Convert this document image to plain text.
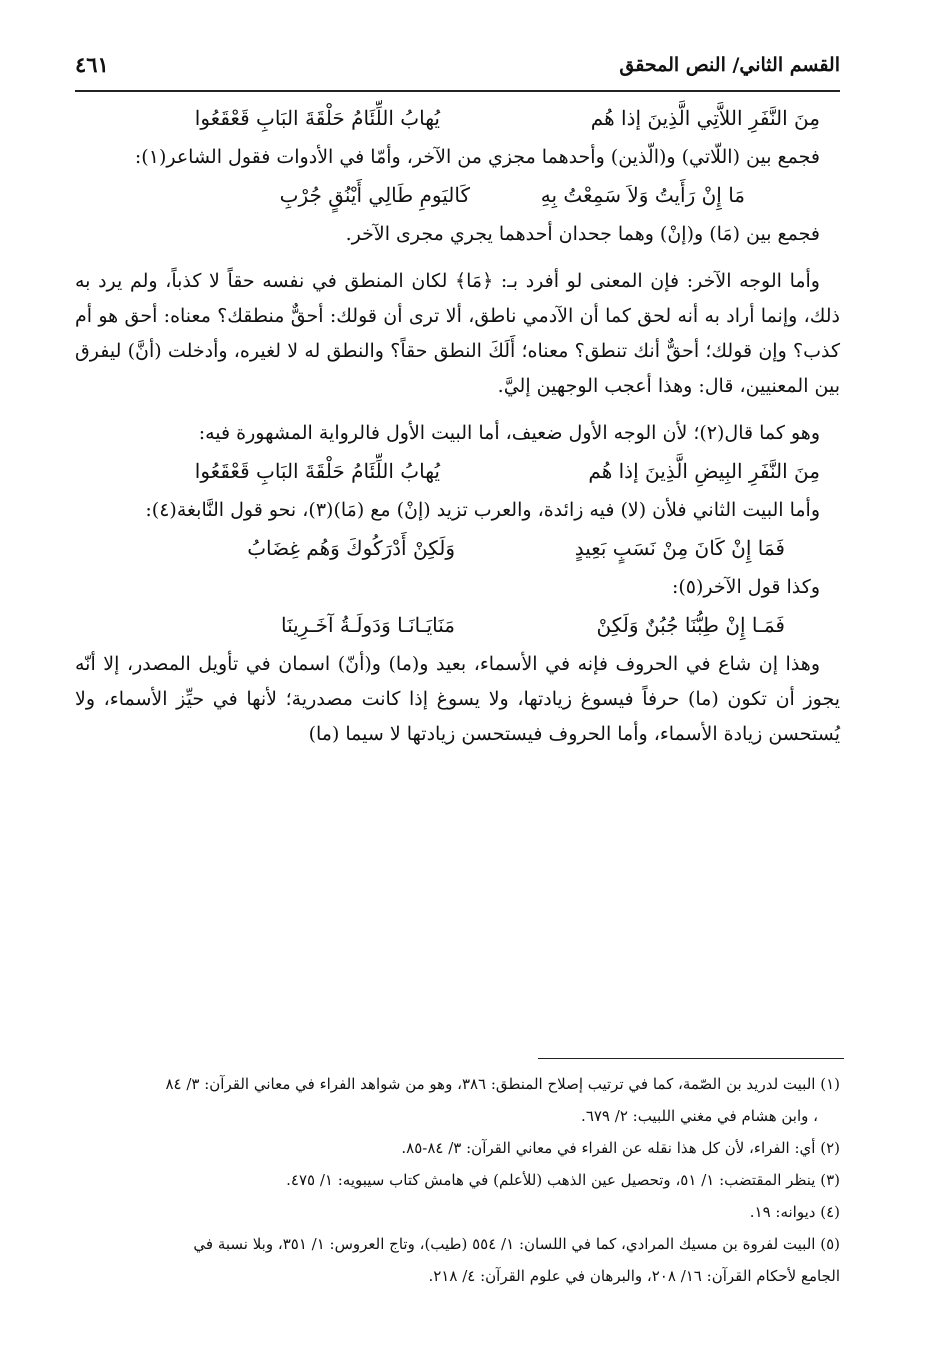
القسم الثاني/ النص المحقق
٤٦١
مِنَ النَّفَرِ اللاَّتِي الَّذِينَ إذا هُم
يُهابُ اللِّئَامُ حَلْقَةَ البَابِ قَعْقَعُوا

فجمع بين (اللّاتي) و(الّذين) وأحدهما مجزي من الآخر، وأمّا في الأدوات فقول الشاعر(١):

مَا إِنْ رَأَيتُ وَلاَ سَمِعْتُ بِهِ
كَاليَومِ طَالِي أَيْنُقٍ جُرْبِ

فجمع بين (مَا) و(إنْ) وهما جحدان أحدهما يجري مجرى الآخر.

وأما الوجه الآخر: فإن المعنى لو أفرد بـ: ﴿مَا﴾ لكان المنطق في نفسه حقاً لا كذباً، ولم يرد به ذلك، وإنما أراد به أنه لحق كما أن الآدمي ناطق، ألا ترى أن قولك: أحقٌّ منطقك؟ معناه: أحق هو أم كذب؟ وإن قولك؛ أحقٌّ أنك تنطق؟ معناه؛ أَلَكَ النطق حقاً؟ والنطق له لا لغيره، وأدخلت (أنَّ) ليفرق بين المعنيين، قال: وهذا أعجب الوجهين إليَّ.

وهو كما قال(٢)؛ لأن الوجه الأول ضعيف، أما البيت الأول فالرواية المشهورة فيه:

مِنَ النَّفَرِ البِيضِ الَّذِينَ إذا هُم
يُهابُ اللِّئَامُ حَلْقَةَ البَابِ قَعْقَعُوا

وأما البيت الثاني فلأن (لا) فيه زائدة، والعرب تزيد (إنْ) مع (مَا)(٣)، نحو قول النَّابغة(٤):

فَمَا إِنْ كَانَ مِنْ نَسَبٍ بَعِيدٍ
وَلَكِنْ أَدْرَكُوكَ وَهُم غِضَابُ

وكذا قول الآخر(٥):

فَمَـا إِنْ طِبُّنَا جُبُنٌ وَلَكِنْ
مَنَايَـانَـا وَدَولَـةُ آخَـرِينَا

وهذا إن شاع في الحروف فإنه في الأسماء، بعيد و(ما) و(أنّ) اسمان في تأويل المصدر، إلا أنّه يجوز أن تكون (ما) حرفاً فيسوغ زيادتها، ولا يسوغ إذا كانت مصدرية؛ لأنها في حيِّز الأسماء، ولا يُستحسن زيادة الأسماء، وأما الحروف فيستحسن زيادتها لا سيما (ما)

(١) البيت لدريد بن الصّمة، كما في ترتيب إصلاح المنطق: ٣٨٦، وهو من شواهد الفراء في معاني القرآن: ٣/ ٨٤

، وابن هشام في مغني اللبيب: ٢/ ٦٧٩.

(٢) أي: الفراء، لأن كل هذا نقله عن الفراء في معاني القرآن: ٣/ ٨٤-٨٥.

(٣) ينظر المقتضب: ١/ ٥١، وتحصيل عين الذهب (للأعلم) في هامش كتاب سيبويه: ١/ ٤٧٥.

(٤) ديوانه: ١٩.

(٥) البيت لفروة بن مسيك المرادي، كما في اللسان: ١/ ٥٥٤ (طيب)، وتاج العروس: ١/ ٣٥١، وبلا نسبة في

الجامع لأحكام القرآن: ١٦/ ٢٠٨، والبرهان في علوم القرآن: ٤/ ٢١٨.
